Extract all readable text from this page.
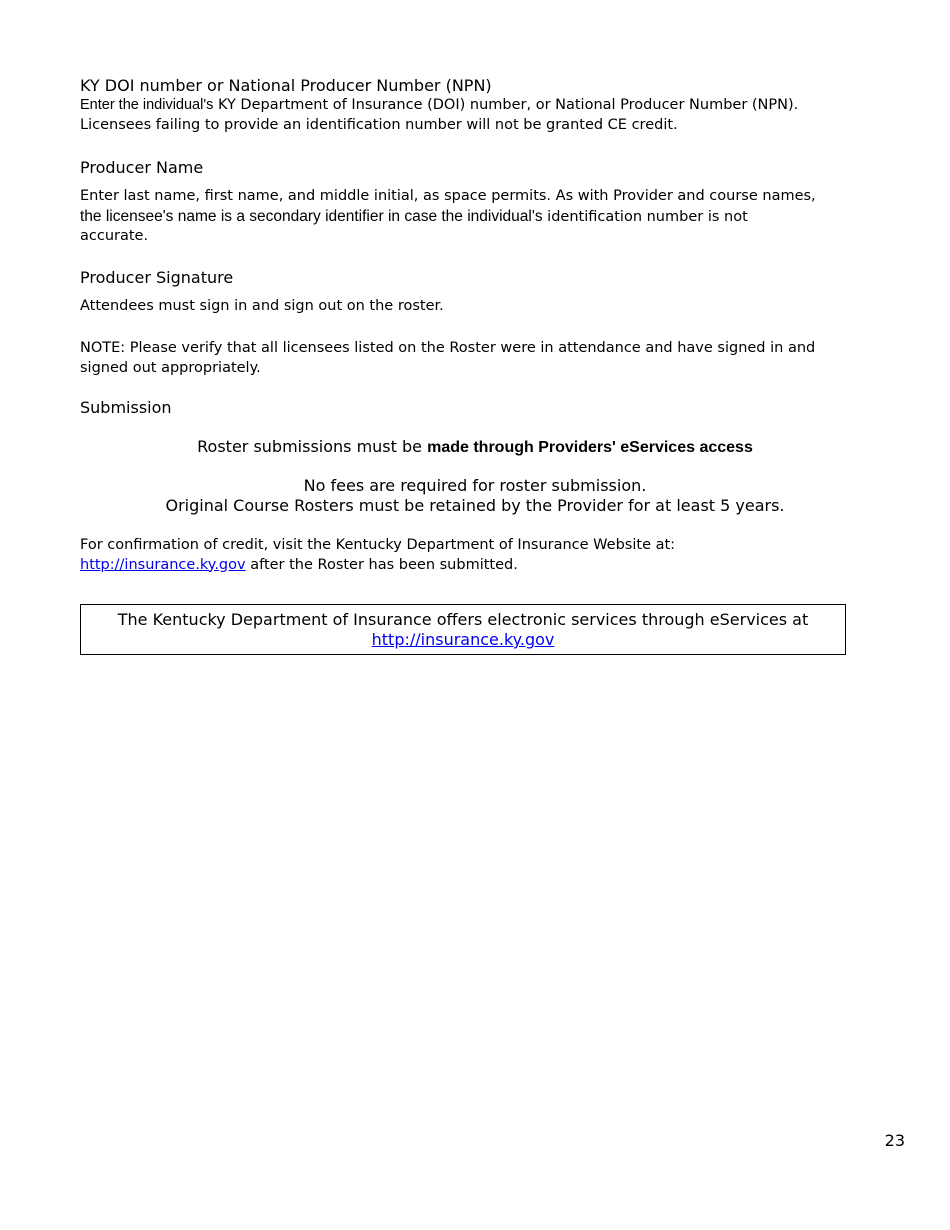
KY DOI number or National Producer Number (NPN)
Enter the individual's KY Department of Insurance (DOI) number, or National Producer Number (NPN).
Licensees failing to provide an identification number will not be granted CE credit.
Producer Name
Enter last name, first name, and middle initial, as space permits. As with Provider and course names,
the licensee's name is a secondary identifier in case the individual's identification number is not
accurate.
Producer Signature
Attendees must sign in and sign out on the roster.
NOTE: Please verify that all licensees listed on the Roster were in attendance and have signed in and signed out appropriately.
Submission
Roster submissions must be made through Providers' eServices access
No fees are required for roster submission.
Original Course Rosters must be retained by the Provider for at least 5 years.
For confirmation of credit, visit the Kentucky Department of Insurance Website at:
http://insurance.ky.gov after the Roster has been submitted.
The Kentucky Department of Insurance offers electronic services through eServices at
http://insurance.ky.gov
23
